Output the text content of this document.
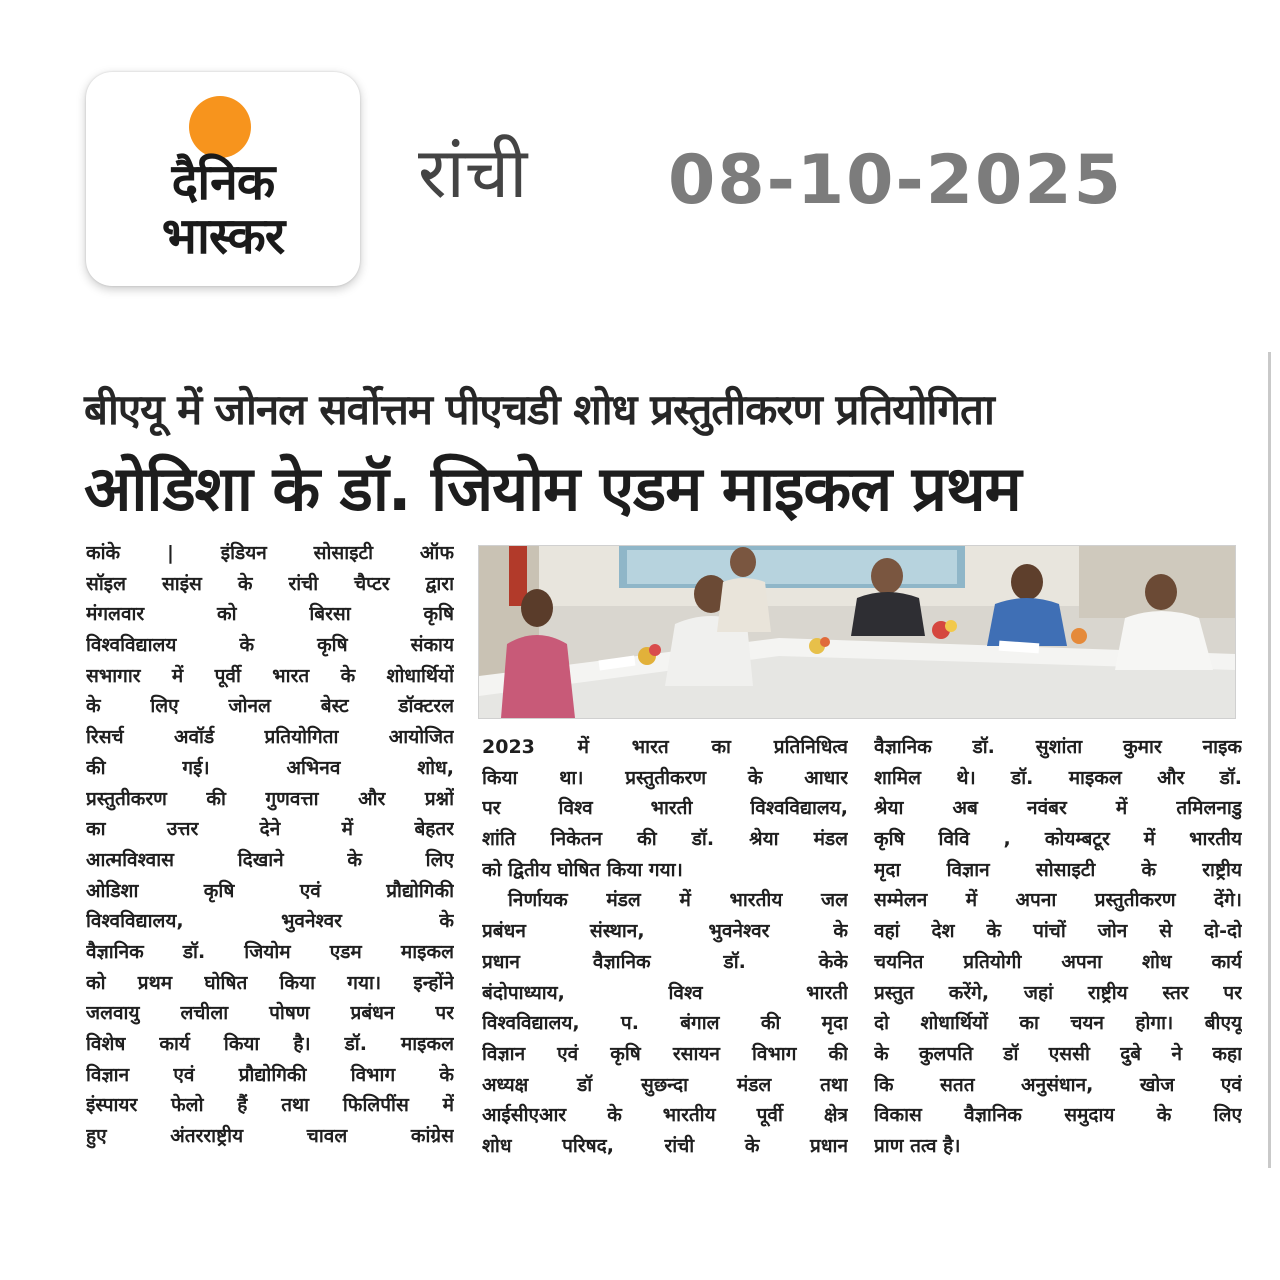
दैनिक
भास्कर
रांची 08-10-2025
बीएयू में जोनल सर्वोत्तम पीएचडी शोध प्रस्तुतीकरण प्रतियोगिता
ओडिशा के डॉ. जियोम एडम माइकल प्रथम
कांके | इंडियन सोसाइटी ऑफ
सॉइल साइंस के रांची चैप्टर द्वारा
मंगलवार को बिरसा कृषि
विश्वविद्यालय के कृषि संकाय
सभागार में पूर्वी भारत के शोधार्थियों
के लिए जोनल बेस्ट डॉक्टरल
रिसर्च अवॉर्ड प्रतियोगिता आयोजित
की गई। अभिनव शोध,
प्रस्तुतीकरण की गुणवत्ता और प्रश्नों
का उत्तर देने में बेहतर
आत्मविश्वास दिखाने के लिए
ओडिशा कृषि एवं प्रौद्योगिकी
विश्वविद्यालय, भुवनेश्वर के
वैज्ञानिक डॉ. जियोम एडम माइकल
को प्रथम घोषित किया गया। इन्होंने
जलवायु लचीला पोषण प्रबंधन पर
विशेष कार्य किया है। डॉ. माइकल
विज्ञान एवं प्रौद्योगिकी विभाग के
इंस्पायर फेलो हैं तथा फिलिपींस में
हुए अंतरराष्ट्रीय चावल कांग्रेस
2023 में भारत का प्रतिनिधित्व
किया था। प्रस्तुतीकरण के आधार
पर विश्व भारती विश्वविद्यालय,
शांति निकेतन की डॉ. श्रेया मंडल
को द्वितीय घोषित किया गया।
निर्णायक मंडल में भारतीय जल
प्रबंधन संस्थान, भुवनेश्वर के
प्रधान वैज्ञानिक डॉ. केके
बंदोपाध्याय, विश्व भारती
विश्वविद्यालय, प. बंगाल की मृदा
विज्ञान एवं कृषि रसायन विभाग की
अध्यक्ष डॉ सुछन्दा मंडल तथा
आईसीएआर के भारतीय पूर्वी क्षेत्र
शोध परिषद, रांची के प्रधान
वैज्ञानिक डॉ. सुशांता कुमार नाइक
शामिल थे। डॉ. माइकल और डॉ.
श्रेया अब नवंबर में तमिलनाडु
कृषि विवि , कोयम्बटूर में भारतीय
मृदा विज्ञान सोसाइटी के राष्ट्रीय
सम्मेलन में अपना प्रस्तुतीकरण देंगे।
वहां देश के पांचों जोन से दो-दो
चयनित प्रतियोगी अपना शोध कार्य
प्रस्तुत करेंगे, जहां राष्ट्रीय स्तर पर
दो शोधार्थियों का चयन होगा। बीएयू
के कुलपति डॉ एससी दुबे ने कहा
कि सतत अनुसंधान, खोज एवं
विकास वैज्ञानिक समुदाय के लिए
प्राण तत्व है।
